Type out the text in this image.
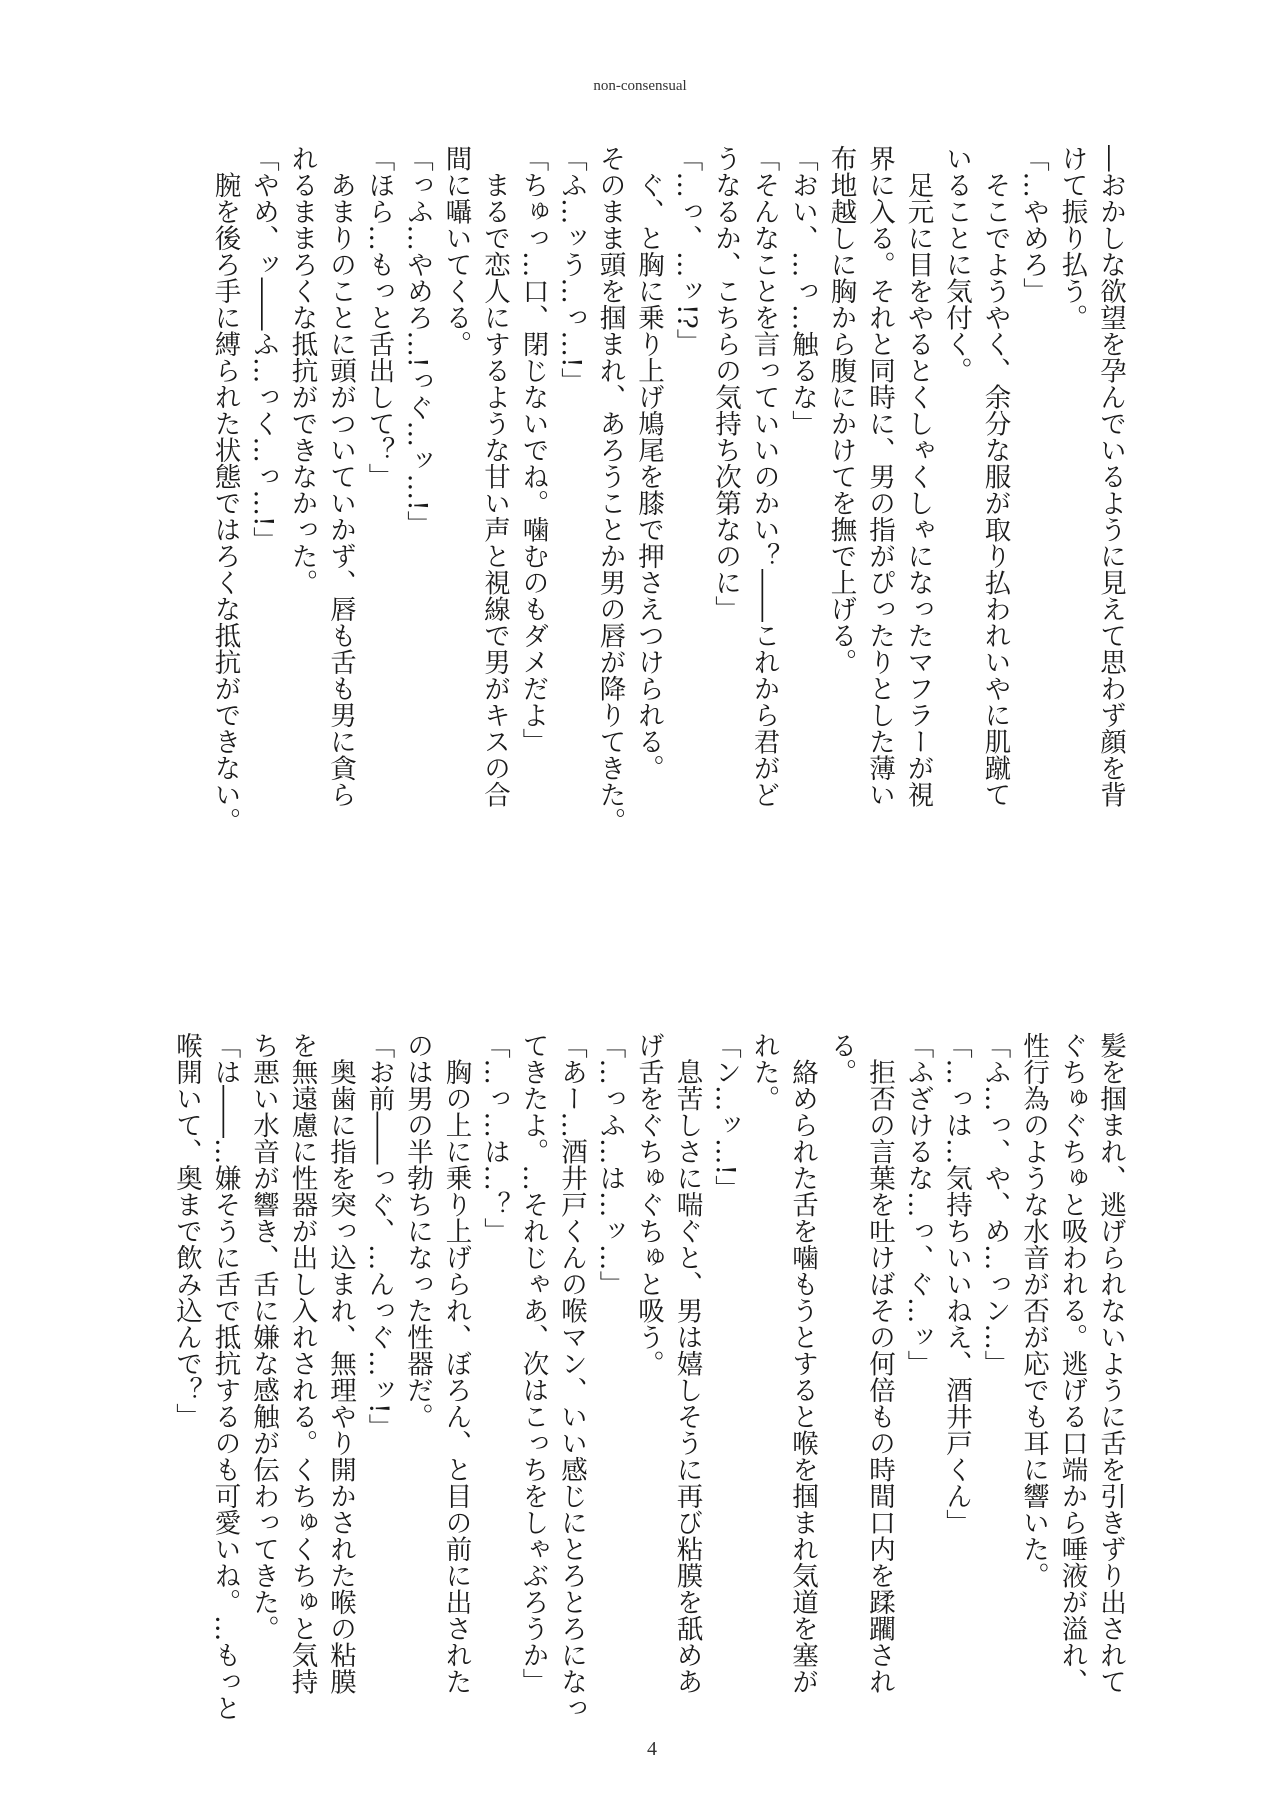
non-consensual
―おかしな欲望を孕んでいるように見えて思わず顔を背
けて振り払う。
「…やめろ」
　そこでようやく、余分な服が取り払われいやに肌蹴て
いることに気付く。
　足元に目をやるとくしゃくしゃになったマフラーが視
界に入る。それと同時に、男の指がぴったりとした薄い
布地越しに胸から腹にかけてを撫で上げる。
「おい、…っ…触るな」
「そんなことを言っていいのかい？――これから君がど
うなるか、こちらの気持ち次第なのに」
「…っ、…ッ!?」
　ぐ、と胸に乗り上げ鳩尾を膝で押さえつけられる。
そのまま頭を掴まれ、あろうことか男の唇が降りてきた。
「ふ…ッう…っ…!」
「ちゅっ…口、閉じないでね。噛むのもダメだよ」
　まるで恋人にするような甘い声と視線で男がキスの合
間に囁いてくる。
「っふ…やめろ…!っぐ…ッ…!」
「ほら…もっと舌出して？」
　あまりのことに頭がついていかず、唇も舌も男に貪ら
れるままろくな抵抗ができなかった。
「やめ、ッ――ふ…っく…っ…!」
　腕を後ろ手に縛られた状態ではろくな抵抗ができない。
髪を掴まれ、逃げられないように舌を引きずり出されて
ぐちゅぐちゅと吸われる。逃げる口端から唾液が溢れ、
性行為のような水音が否が応でも耳に響いた。
「ふ…っ、や、め…っン…」
「…っは…気持ちいいねえ、酒井戸くん」
「ふざけるな…っ、ぐ…ッ」
　拒否の言葉を吐けばその何倍もの時間口内を蹂躙され
る。
　絡められた舌を噛もうとすると喉を掴まれ気道を塞が
れた。
「ン…ッ…!」
　息苦しさに喘ぐと、男は嬉しそうに再び粘膜を舐めあ
げ舌をぐちゅぐちゅと吸う。
「…っふ…は…ッ…」
「あー…酒井戸くんの喉マン、いい感じにとろとろになっ
てきたよ。…それじゃあ、次はこっちをしゃぶろうか」
「…っ…は…？」
　胸の上に乗り上げられ、ぼろん、と目の前に出された
のは男の半勃ちになった性器だ。
「お前――っぐ、…んっぐ…ッ!」
　奥歯に指を突っ込まれ、無理やり開かされた喉の粘膜
を無遠慮に性器が出し入れされる。くちゅくちゅと気持
ち悪い水音が響き、舌に嫌な感触が伝わってきた。
「は――…嫌そうに舌で抵抗するのも可愛いね。…もっと
喉開いて、奥まで飲み込んで？」
4
